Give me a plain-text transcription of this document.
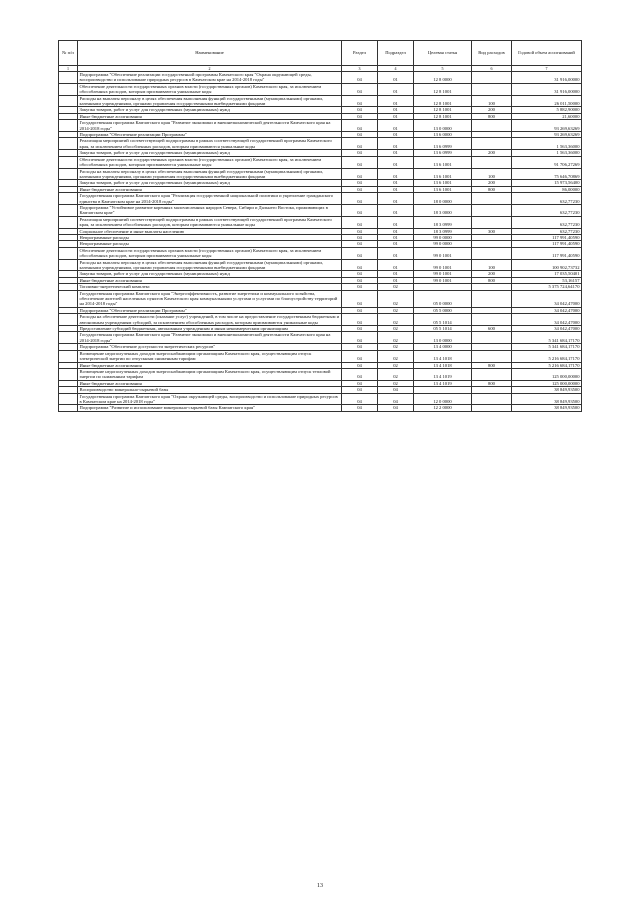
№ п/п	Наименование	Раздел	Подраздел	Целевая статья	Вид расходов	Годовой объем ассигнований
1	2	3	4	5	6	7
	Подпрограмма "Обеспечение реализации государственной программы Камчатского края "Охрана окружающей среды, воспроизводство и использование природных ресурсов в Камчатском крае на 2014-2018 годы"	04	01	12 8 0000		31 916,00000
	Обеспечение деятельности государственных органов власти (государственных органов) Камчатского края, за исключением обособленных расходов, которым присваиваются уникальные коды	04	01	12 8 1001		31 916,00000
	Расходы на выплаты персоналу в целях обеспечения выполнения функций государственными (муниципальными) органами, казенными учреждениями, органами управления государственными внебюджетными фондами	04	01	12 8 1001	100	26 011,50000
	Закупка товаров, работ и услуг для государственных (муниципальных) нужд	04	01	12 8 1001	200	5 882,90000
	Иные бюджетные ассигнования	04	01	12 8 1001	800	21,60000
	Государственная программа Камчатского края "Развитие экономики и внешнеэкономической деятельности Камчатского края на 2014-2018 годы"	04	01	13 0 0000		93 269,63269
	Подпрограмма "Обеспечение реализации Программы"	04	01	13 6 0000		93 269,63269
	Реализация мероприятий соответствующей подпрограммы в рамках соответствующей государственной программы Камчатского края, за исключением обособленных расходов, которым присваиваются уникальные коды	04	01	13 6 0999		1 563,36000
	Закупка товаров, работ и услуг для государственных (муниципальных) нужд	04	01	13 6 0999	200	1 563,36000
	Обеспечение деятельности государственных органов власти (государственных органов) Камчатского края, за исключением обособленных расходов, которым присваиваются уникальные коды	04	01	13 6 1001		91 706,27269
	Расходы на выплаты персоналу в целях обеспечения выполнения функций государственными (муниципальными) органами, казенными учреждениями, органами управления государственными внебюджетными фондами	04	01	13 6 1001	100	75 646,70869
	Закупка товаров, работ и услуг для государственных (муниципальных) нужд	04	01	13 6 1001	200	15 973,56400
	Иные бюджетные ассигнования	04	01	13 6 1001	800	86,00000
	Государственная программа Камчатского края "Реализация государственной национальной политики и укрепление гражданского единства в Камчатском крае на 2014-2018 годы"	04	01	18 0 0000		632,77230
	Подпрограмма "Устойчивое развитие коренных малочисленных народов Севера, Сибири и Дальнего Востока, проживающих в Камчатском крае"	04	01	18 3 0000		632,77230
	Реализация мероприятий соответствующей подпрограммы в рамках соответствующей государственной программы Камчатского края, за исключением обособленных расходов, которым присваиваются уникальные коды	04	01	18 3 0999		632,77230
	Социальное обеспечение и иные выплаты населению	04	01	18 3 0999	300	632,77230
	Непрограммные расходы	04	01	99 0 0000		117 991,40590
	Непрограммные расходы	04	01	99 0 0000		117 991,40590
	Обеспечение деятельности государственных органов власти (государственных органов) Камчатского края, за исключением обособленных расходов, которым присваиваются уникальные коды	04	01	99 0 1001		117 991,40590
	Расходы на выплаты персоналу в целях обеспечения выполнения функций государственными (муниципальными) органами, казенными учреждениями, органами управления государственными внебюджетными фондами	04	01	99 0 1001	100	100 902,73732
	Закупка товаров, работ и услуг для государственных (муниципальных) нужд	04	01	99 0 1001	200	17 035,50401
	Иные бюджетные ассигнования	04	01	99 0 1001	800	53,16157
	Топливно-энергетический комплекс	04	02			5 375 724,64170
	Государственная программа Камчатского края "Энергоэффективность, развитие энергетики и коммунального хозяйства, обеспечение жителей населенных пунктов Камчатского края коммунальными услугами и услугами по благоустройству территорий на 2014-2018 годы"	04	02	05 0 0000		34 042,47000
	Подпрограмма "Обеспечение реализации Программы"	04	02	05 5 0000		34 042,47000
	Расходы на обеспечение деятельности (оказание услуг) учреждений, в том числе на предоставление государственным бюджетным и автономным учреждениям субсидий, за исключением обособленных расходов, которым присваиваются уникальные коды	04	02	05 5 1014		34 042,47000
	Предоставление субсидий бюджетным, автономным учреждениям и иным некоммерческим организациям	04	02	05 5 1014	600	34 042,47000
	Государственная программа Камчатского края "Развитие экономики и внешнеэкономической деятельности Камчатского края на 2014-2018 годы"	04	02	13 0 0000		5 341 684,17170
	Подпрограмма "Обеспечение доступности энергетических ресурсов"	04	02	13 4 0000		5 341 684,17170
	Возмещение недополученных доходов энергоснабжающим организациям Камчатского края, осуществляющим отпуск электрической энергии по отпускным сниженным тарифам	04	02	13 4 1018		5 216 684,17170
	Иные бюджетные ассигнования	04	02	13 4 1018	800	5 216 684,17170
	Возмещение недополученных доходов энергоснабжающим организациям Камчатского края, осуществляющим отпуск тепловой энергии по сниженным тарифам	04	02	13 4 1019		125 000,00000
	Иные бюджетные ассигнования	04	02	13 4 1019	800	125 000,00000
	Воспроизводство минерально-сырьевой базы	04	04			38 849,93500
	Государственная программа Камчатского края "Охрана окружающей среды, воспроизводство и использование природных ресурсов в Камчатском крае на 2014-2018 годы"	04	04	12 0 0000		38 849,93500
	Подпрограмма "Развитие и использование минерально-сырьевой базы Камчатского края"	04	04	12 2 0000		38 849,93500
13
